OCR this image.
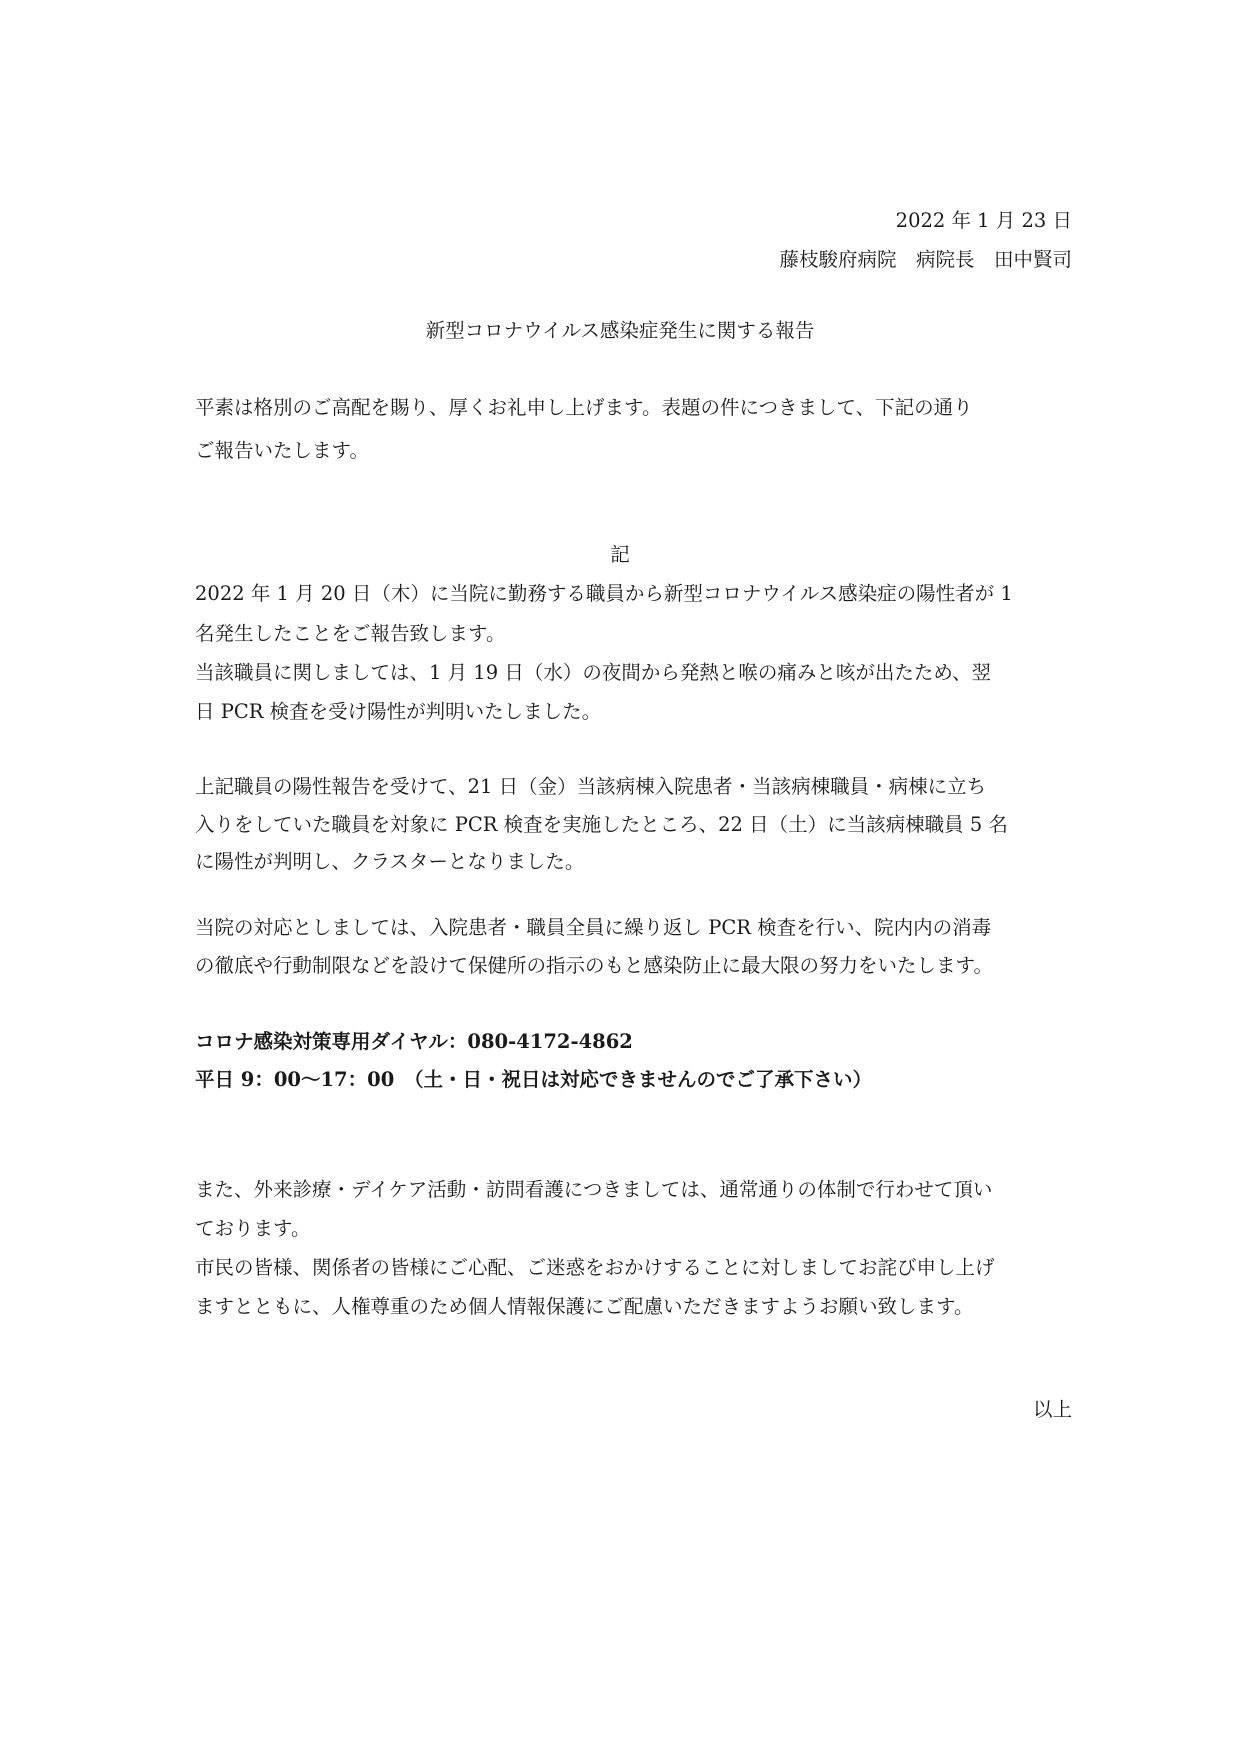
2022 年 1 月 23 日
藤枝駿府病院　病院長　田中賢司
新型コロナウイルス感染症発生に関する報告
平素は格別のご高配を賜り、厚くお礼申し上げます。表題の件につきまして、下記の通り
ご報告いたします。
記
2022 年 1 月 20 日（木）に当院に勤務する職員から新型コロナウイルス感染症の陽性者が 1
名発生したことをご報告致します。
当該職員に関しましては、1 月 19 日（水）の夜間から発熱と喉の痛みと咳が出たため、翌
日 PCR 検査を受け陽性が判明いたしました。
上記職員の陽性報告を受けて、21 日（金）当該病棟入院患者・当該病棟職員・病棟に立ち
入りをしていた職員を対象に PCR 検査を実施したところ、22 日（土）に当該病棟職員 5 名
に陽性が判明し、クラスターとなりました。
当院の対応としましては、入院患者・職員全員に繰り返し PCR 検査を行い、院内内の消毒
の徹底や行動制限などを設けて保健所の指示のもと感染防止に最大限の努力をいたします。
コロナ感染対策専用ダイヤル：080-4172-4862
平日 9：00～17：00　（土・日・祝日は対応できませんのでご了承下さい）
また、外来診療・デイケア活動・訪問看護につきましては、通常通りの体制で行わせて頂い
ております。
市民の皆様、関係者の皆様にご心配、ご迷惑をおかけすることに対しましてお詫び申し上げ
ますとともに、人権尊重のため個人情報保護にご配慮いただきますようお願い致します。
以上
